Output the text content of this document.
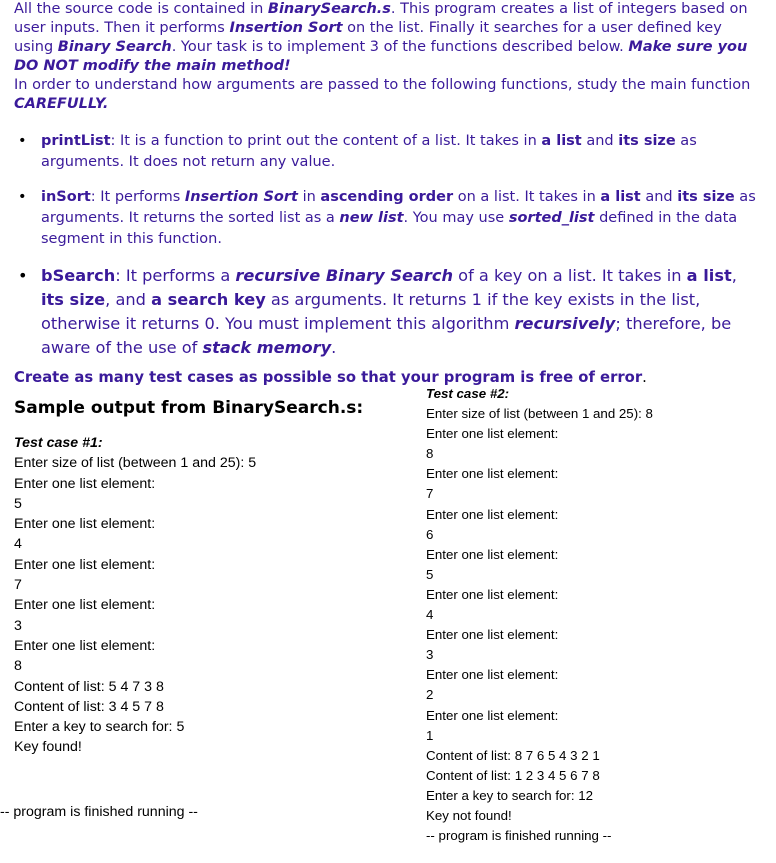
All the source code is contained in BinarySearch.s. This program creates a list of integers based on user inputs. Then it performs Insertion Sort on the list. Finally it searches for a user defined key using Binary Search. Your task is to implement 3 of the functions described below. Make sure you DO NOT modify the main method!

In order to understand how arguments are passed to the following functions, study the main function CAREFULLY.

• printList: It is a function to print out the content of a list. It takes in a list and its size as arguments. It does not return any value.
• inSort: It performs Insertion Sort in ascending order on a list. It takes in a list and its size as arguments. It returns the sorted list as a new list. You may use sorted_list defined in the data segment in this function.
• bSearch: It performs a recursive Binary Search of a key on a list. It takes in a list, its size, and a search key as arguments. It returns 1 if the key exists in the list, otherwise it returns 0. You must implement this algorithm recursively; therefore, be aware of the use of stack memory.

Create as many test cases as possible so that your program is free of error.

Sample output from BinarySearch.s:
Test case #1:
Enter size of list (between 1 and 25): 5
Enter one list element:
5
Enter one list element:
4
Enter one list element:
7
Enter one list element:
3
Enter one list element:
8
Content of list: 5 4 7 3 8
Content of list: 3 4 5 7 8
Enter a key to search for: 5
Key found!
-- program is finished running --
Test case #2:
Enter size of list (between 1 and 25): 8
Enter one list element:
8
Enter one list element:
7
Enter one list element:
6
Enter one list element:
5
Enter one list element:
4
Enter one list element:
3
Enter one list element:
2
Enter one list element:
1
Content of list: 8 7 6 5 4 3 2 1
Content of list: 1 2 3 4 5 6 7 8
Enter a key to search for: 12
Key not found!
-- program is finished running --
